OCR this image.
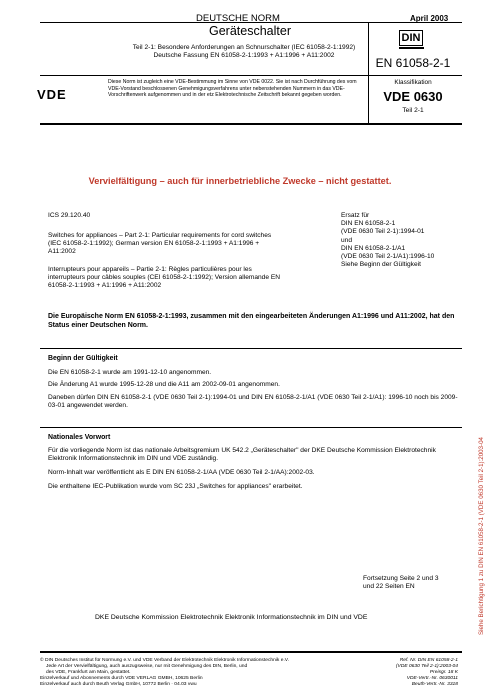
DEUTSCHE NORM	April 2003
Geräteschalter
Teil 2-1: Besondere Anforderungen an Schnurschalter (IEC 61058-2-1:1992) Deutsche Fassung EN 61058-2-1:1993 + A1:1996 + A11:2002
DIN
EN 61058-2-1
VDE
Diese Norm ist zugleich eine VDE-Bestimmung im Sinne von VDE 0022. Sie ist nach Durchführung des vom VDE-Vorstand beschlossenen Genehmigungsverfahrens unter nebenstehenden Nummern in das VDE-Vorschriftenwerk aufgenommen und in der etz Elektrotechnische Zeitschrift bekannt gegeben worden.
Klassifikation
VDE 0630
Teil 2-1
Siehe Berichtigung 1 zu DIN EN 61058-2-1 (VDE 0630 Teil 2-1):2003-04
Vervielfältigung – auch für innerbetriebliche Zwecke – nicht gestattet.
ICS 29.120.40
Switches for appliances – Part 2-1: Particular requirements for cord switches (IEC 61058-2-1:1992); German version EN 61058-2-1:1993 + A1:1996 + A11:2002
Interrupteurs pour appareils – Partie 2-1: Règles particulières pour les interrupteurs pour câbles souples (CEI 61058-2-1:1992); Version allemande EN 61058-2-1:1993 + A1:1996 + A11:2002
Ersatz für
DIN EN 61058-2-1
(VDE 0630 Teil 2-1):1994-01
und
DIN EN 61058-2-1/A1
(VDE 0630 Teil 2-1/A1):1996-10
Siehe Beginn der Gültigkeit
Die Europäische Norm EN 61058-2-1:1993, zusammen mit den eingearbeiteten Änderungen A1:1996 und A11:2002, hat den Status einer Deutschen Norm.
Beginn der Gültigkeit
Die EN 61058-2-1 wurde am 1991-12-10 angenommen.
Die Änderung A1 wurde 1995-12-28 und die A11 am 2002-09-01 angenommen.
Daneben dürfen DIN EN 61058-2-1 (VDE 0630 Teil 2-1):1994-01 und DIN EN 61058-2-1/A1 (VDE 0630 Teil 2-1/A1): 1996-10 noch bis 2009-03-01 angewendet werden.
Nationales Vorwort
Für die vorliegende Norm ist das nationale Arbeitsgremium UK 542.2 „Geräteschalter" der DKE Deutsche Kommission Elektrotechnik Elektronik Informationstechnik im DIN und VDE zuständig.
Norm-Inhalt war veröffentlicht als E DIN EN 61058-2-1/AA (VDE 0630 Teil 2-1/AA):2002-03.
Die enthaltene IEC-Publikation wurde vom SC 23J „Switches for appliances" erarbeitet.
Fortsetzung Seite 2 und 3
und 22 Seiten EN
DKE Deutsche Kommission Elektrotechnik Elektronik Informationstechnik im DIN und VDE
© DIN Deutsches Institut für Normung e.V. und VDE Verband der Elektrotechnik Elektronik Informationstechnik e.V.
Jede Art der Vervielfältigung, auch auszugsweise, nur mit Genehmigung des DIN, Berlin, und
des VDE, Frankfurt am Main, gestattet.
Einzelverkauf und Abonnements durch VDE VERLAG GMBH, 10625 Berlin
Einzelverkauf auch durch Beuth Verlag GmbH, 10772 Berlin · 04.03 vwu
Ref. Nr. DIN EN 61058-2-1
(VDE 0630 Teil 2-1):2003-04
Preisgr. 18 K
VDE-Vertr.-Nr. 0630011
Beuth-Vertr.-Nr. 3318
